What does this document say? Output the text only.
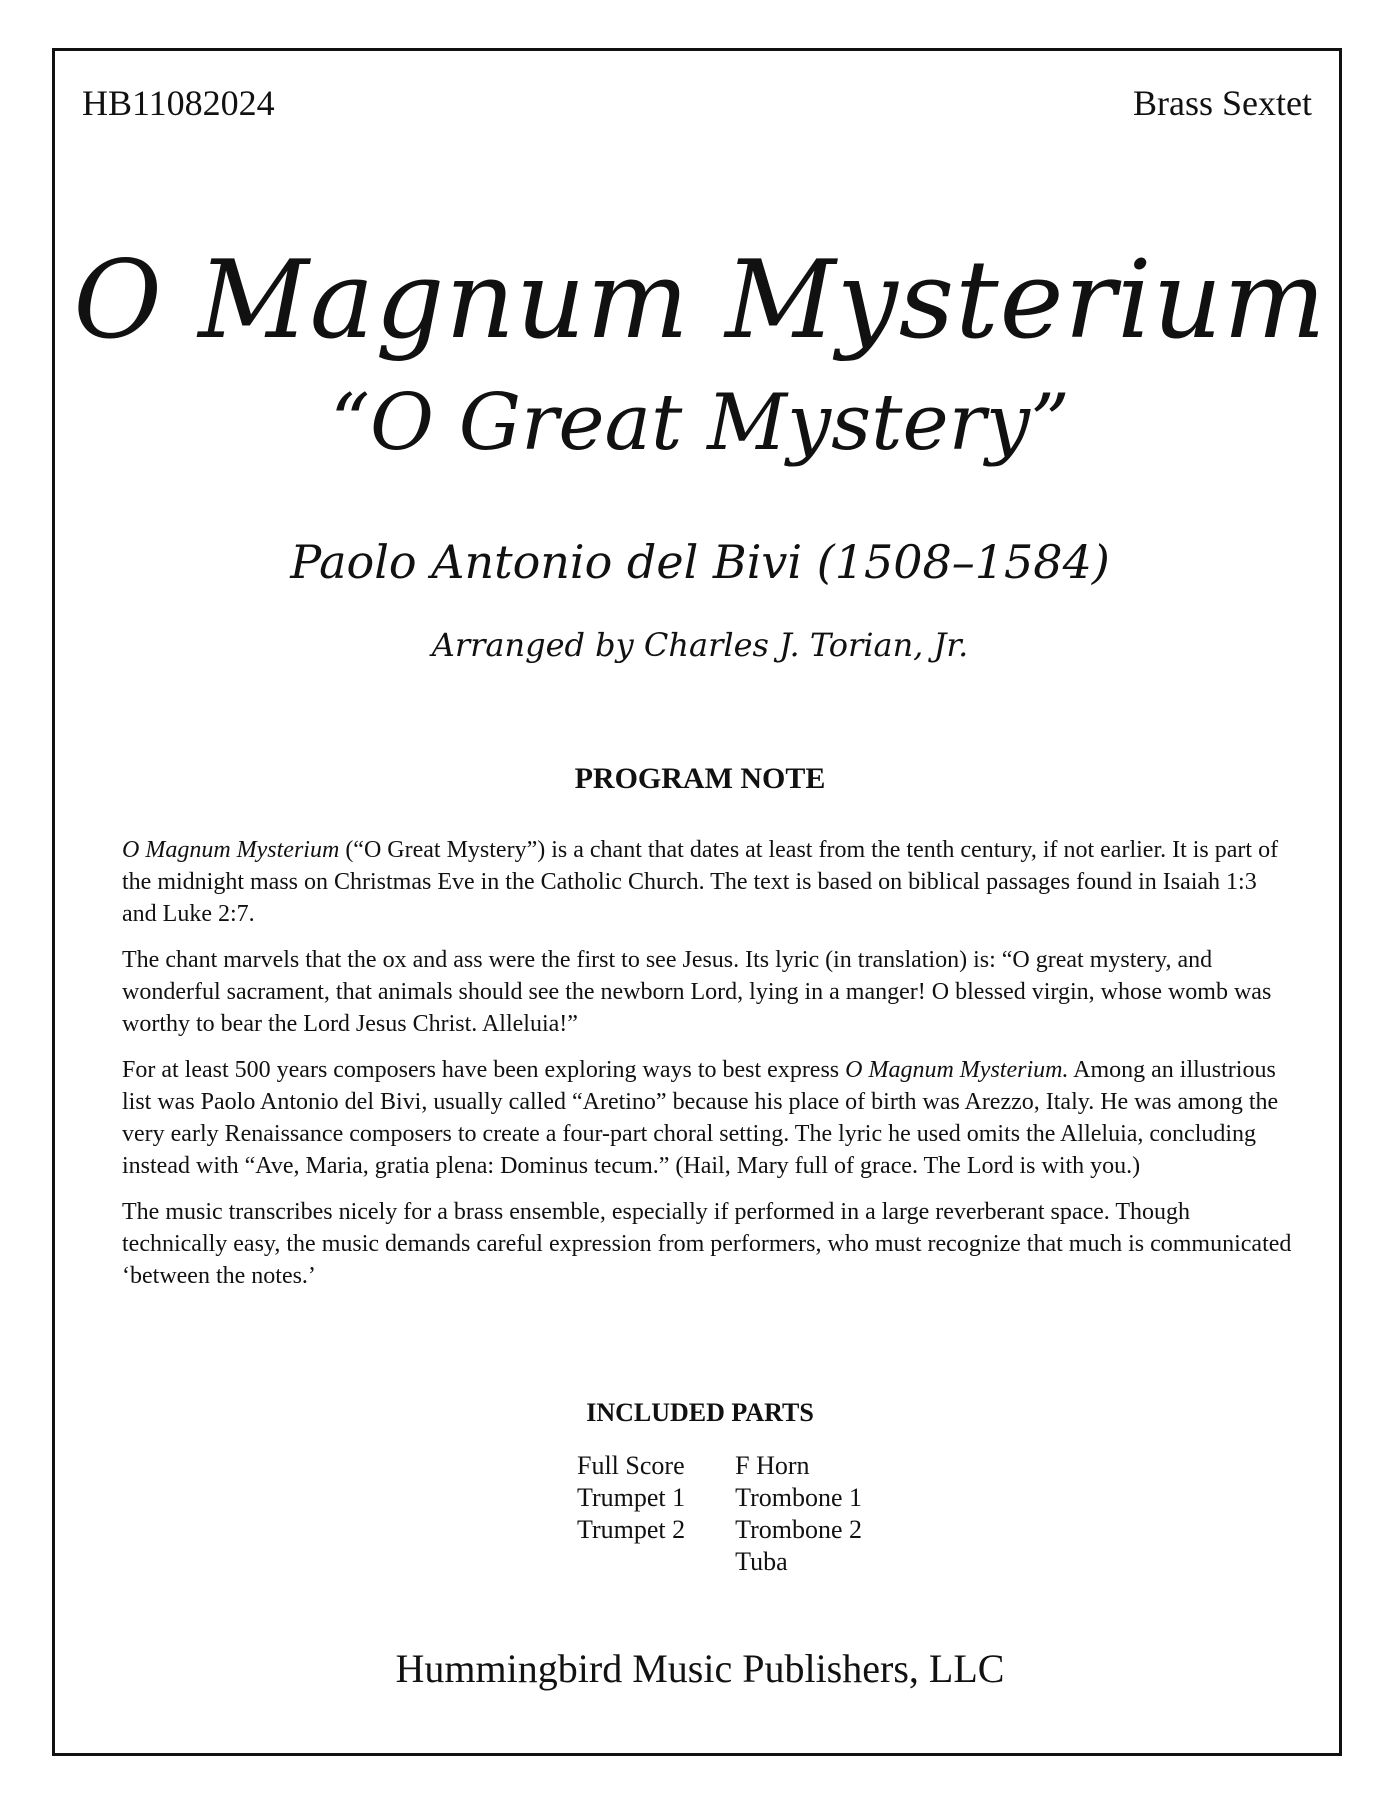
HB11082024	Brass Sextet
O Magnum Mysterium
“O Great Mystery”
Paolo Antonio del Bivi (1508–1584)
Arranged by Charles J. Torian, Jr.
PROGRAM NOTE

O Magnum Mysterium (“O Great Mystery”) is a chant that dates at least from the tenth century, if not earlier. It is part of the midnight mass on Christmas Eve in the Catholic Church. The text is based on biblical passages found in Isaiah 1:3 and Luke 2:7.

The chant marvels that the ox and ass were the first to see Jesus. Its lyric (in translation) is: “O great mystery, and wonderful sacrament, that animals should see the newborn Lord, lying in a manger! O blessed virgin, whose womb was worthy to bear the Lord Jesus Christ. Alleluia!”

For at least 500 years composers have been exploring ways to best express O Magnum Mysterium. Among an illustrious list was Paolo Antonio del Bivi, usually called “Aretino” because his place of birth was Arezzo, Italy. He was among the very early Renaissance composers to create a four-part choral setting. The lyric he used omits the Alleluia, concluding instead with “Ave, Maria, gratia plena: Dominus tecum.” (Hail, Mary full of grace. The Lord is with you.)

The music transcribes nicely for a brass ensemble, especially if performed in a large reverberant space. Though technically easy, the music demands careful expression from performers, who must recognize that much is communicated ‘between the notes.’

INCLUDED PARTS
Full Score
Trumpet 1
Trumpet 2
F Horn
Trombone 1
Trombone 2
Tuba
Hummingbird Music Publishers, LLC
